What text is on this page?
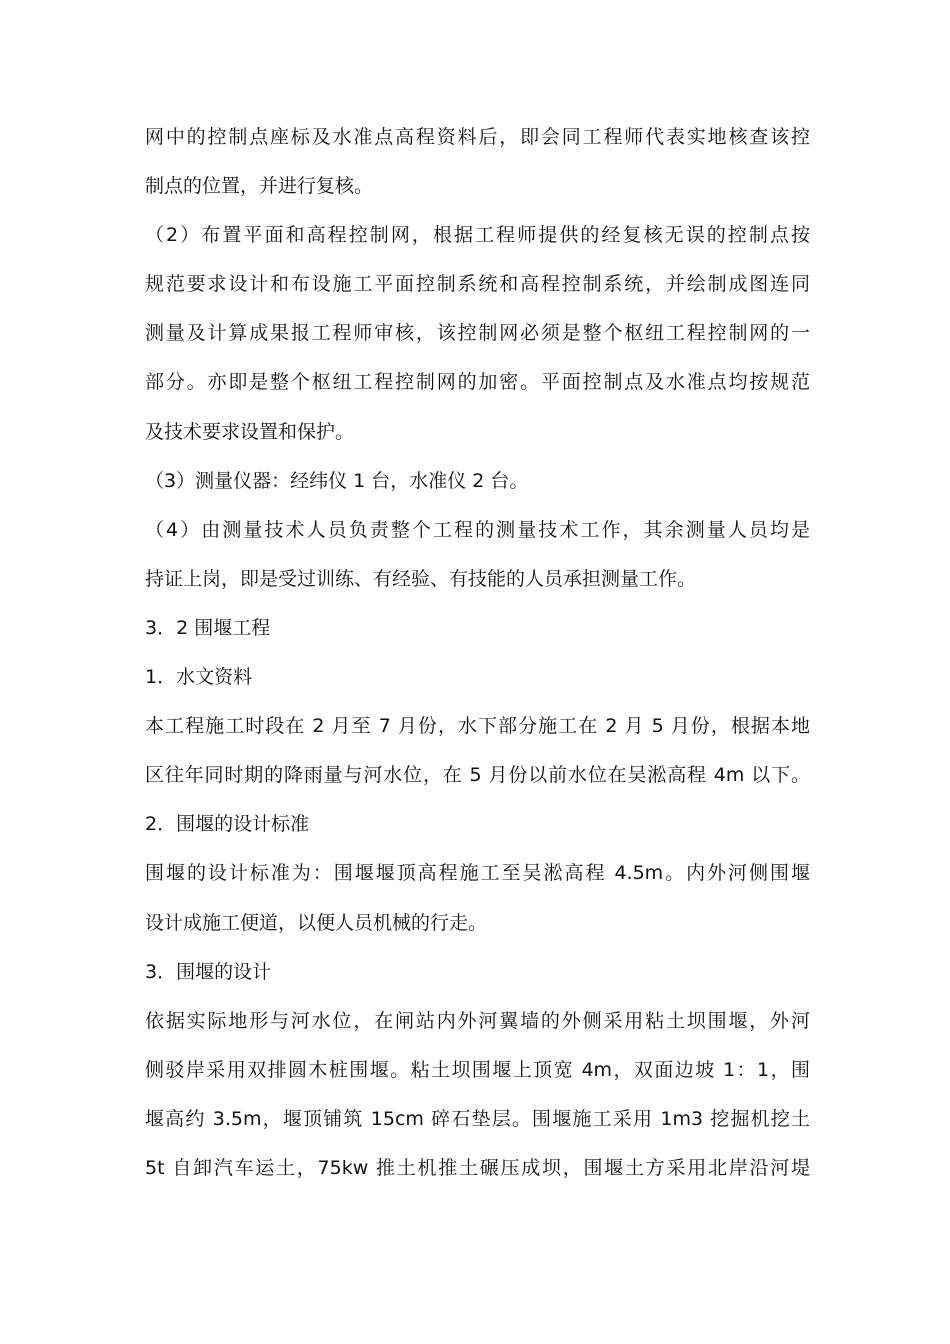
网中的控制点座标及水准点高程资料后，即会同工程师代表实地核查该控
制点的位置，并进行复核。
（2）布置平面和高程控制网，根据工程师提供的经复核无误的控制点按
规范要求设计和布设施工平面控制系统和高程控制系统，并绘制成图连同
测量及计算成果报工程师审核，该控制网必须是整个枢纽工程控制网的一
部分。亦即是整个枢纽工程控制网的加密。平面控制点及水准点均按规范
及技术要求设置和保护。
（3）测量仪器：经纬仪 1 台，水准仪 2 台。
（4）由测量技术人员负责整个工程的测量技术工作，其余测量人员均是
持证上岗，即是受过训练、有经验、有技能的人员承担测量工作。
3．2 围堰工程
1．水文资料
本工程施工时段在 2 月至 7 月份，水下部分施工在 2 月 5 月份，根据本地
区往年同时期的降雨量与河水位，在 5 月份以前水位在吴淞高程 4m 以下。
2．围堰的设计标准
围堰的设计标准为：围堰堰顶高程施工至吴淞高程 4.5m。内外河侧围堰
设计成施工便道，以便人员机械的行走。
3．围堰的设计
依据实际地形与河水位，在闸站内外河翼墙的外侧采用粘土坝围堰，外河
侧驳岸采用双排圆木桩围堰。粘土坝围堰上顶宽 4m，双面边坡 1：1，围
堰高约 3.5m，堰顶铺筑 15cm 碎石垫层。围堰施工采用 1m3 挖掘机挖土
5t 自卸汽车运土，75kw 推土机推土碾压成坝，围堰土方采用北岸沿河堤
